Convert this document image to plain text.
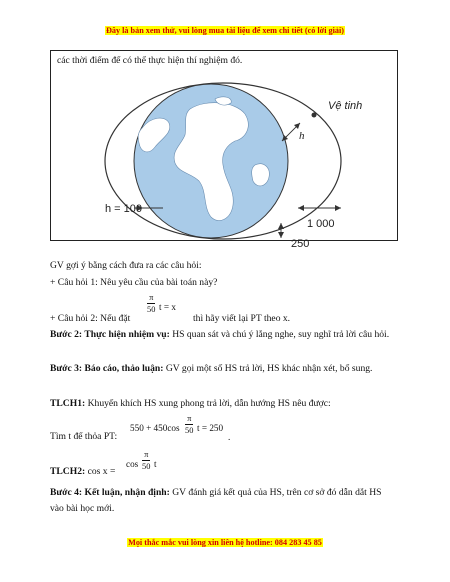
Đây là bản xem thử, vui lòng mua tài liệu để xem chi tiết (có lời giải)
các thời điểm để có thể thực hiện thí nghiệm đó.
Vệ tinh
h
h = 100
1 000
250
GV gợi ý bằng cách đưa ra các câu hỏi:
+ Câu hỏi 1: Nêu yêu cầu của bài toán này?
+ Câu hỏi 2: Nếu đặt
π
50 t = x
thì hãy viết lại PT theo x.
Bước 2: Thực hiện nhiệm vụ: HS quan sát và chú ý lắng nghe, suy nghĩ trả lời câu hỏi.
Bước 3: Báo cáo, thảo luận: GV gọi một số HS trả lời, HS khác nhận xét, bổ sung.
TLCH1: Khuyến khích HS xung phong trả lời, dẫn hướng HS nêu được:
Tìm t để thỏa PT:
550 + 450cos
π
50 t = 250
.
TLCH2: cos x =
cos
π
50 t
Bước 4: Kết luận, nhận định: GV đánh giá kết quả của HS, trên cơ sở đó dẫn dắt HS vào bài học mới.
Mọi thắc mắc vui lòng xin liên hệ hotline: 084 283 45 85
